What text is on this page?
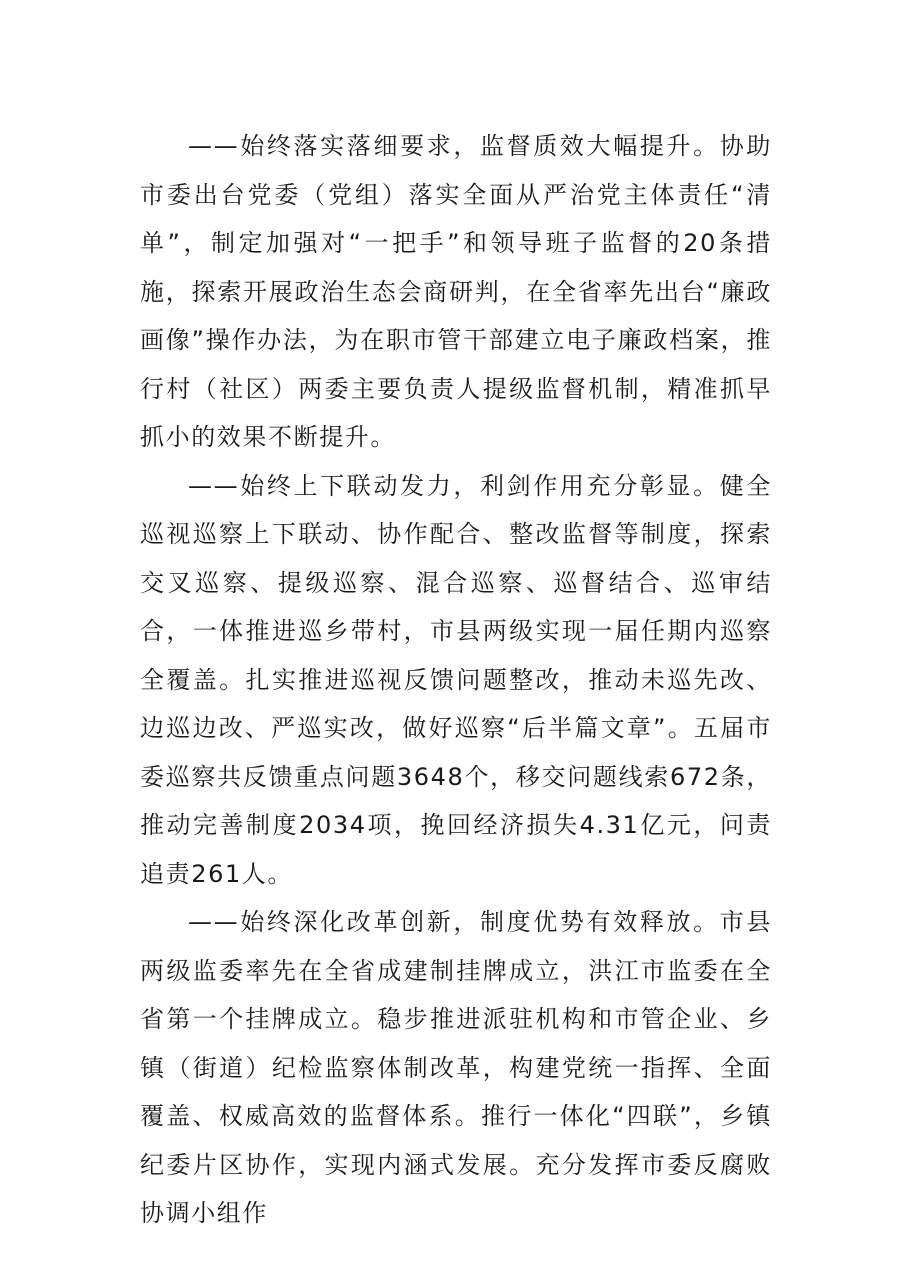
——始终落实落细要求，监督质效大幅提升。协助市委出台党委（党组）落实全面从严治党主体责任“清单”，制定加强对“一把手”和领导班子监督的20条措施，探索开展政治生态会商研判，在全省率先出台“廉政画像”操作办法，为在职市管干部建立电子廉政档案，推行村（社区）两委主要负责人提级监督机制，精准抓早抓小的效果不断提升。

——始终上下联动发力，利剑作用充分彰显。健全巡视巡察上下联动、协作配合、整改监督等制度，探索交叉巡察、提级巡察、混合巡察、巡督结合、巡审结合，一体推进巡乡带村，市县两级实现一届任期内巡察全覆盖。扎实推进巡视反馈问题整改，推动未巡先改、边巡边改、严巡实改，做好巡察“后半篇文章”。五届市委巡察共反馈重点问题3648个，移交问题线索672条，推动完善制度2034项，挽回经济损失4.31亿元，问责追责261人。

——始终深化改革创新，制度优势有效释放。市县两级监委率先在全省成建制挂牌成立，洪江市监委在全省第一个挂牌成立。稳步推进派驻机构和市管企业、乡镇（街道）纪检监察体制改革，构建党统一指挥、全面覆盖、权威高效的监督体系。推行一体化“四联”，乡镇纪委片区协作，实现内涵式发展。充分发挥市委反腐败协调小组作
